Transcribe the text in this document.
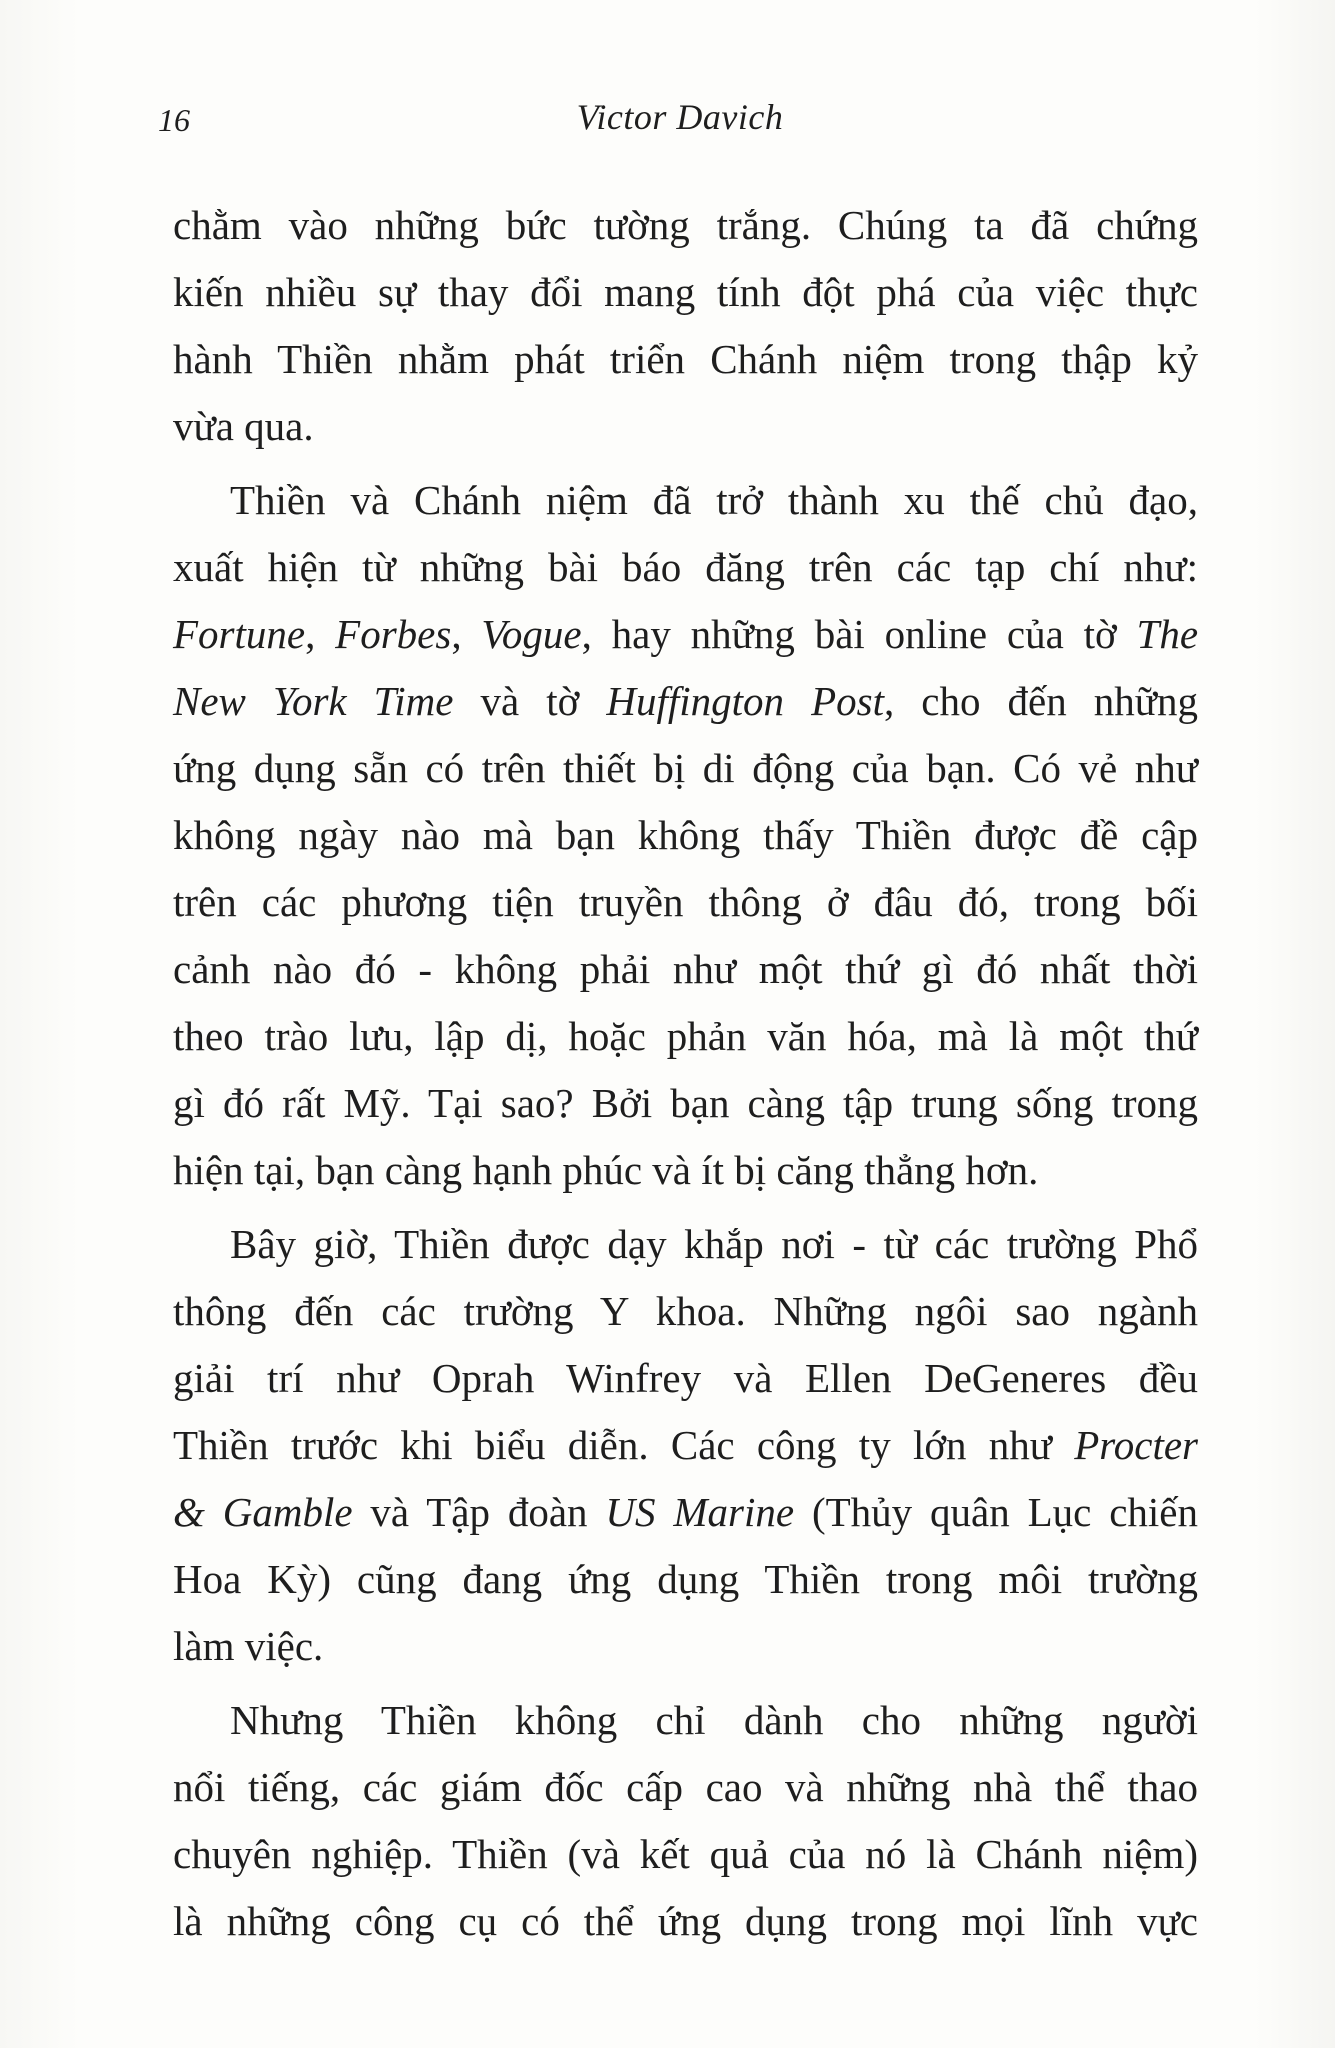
16	Victor Davich
chằm vào những bức tường trắng. Chúng ta đã chứng
kiến nhiều sự thay đổi mang tính đột phá của việc thực
hành Thiền nhằm phát triển Chánh niệm trong thập kỷ
vừa qua.
Thiền và Chánh niệm đã trở thành xu thế chủ đạo,
xuất hiện từ những bài báo đăng trên các tạp chí như:
Fortune, Forbes, Vogue, hay những bài online của tờ The
New York Time và tờ Huffington Post, cho đến những
ứng dụng sẵn có trên thiết bị di động của bạn. Có vẻ như
không ngày nào mà bạn không thấy Thiền được đề cập
trên các phương tiện truyền thông ở đâu đó, trong bối
cảnh nào đó - không phải như một thứ gì đó nhất thời
theo trào lưu, lập dị, hoặc phản văn hóa, mà là một thứ
gì đó rất Mỹ. Tại sao? Bởi bạn càng tập trung sống trong
hiện tại, bạn càng hạnh phúc và ít bị căng thẳng hơn.
Bây giờ, Thiền được dạy khắp nơi - từ các trường Phổ
thông đến các trường Y khoa. Những ngôi sao ngành
giải trí như Oprah Winfrey và Ellen DeGeneres đều
Thiền trước khi biểu diễn. Các công ty lớn như Procter
& Gamble và Tập đoàn US Marine (Thủy quân Lục chiến
Hoa Kỳ) cũng đang ứng dụng Thiền trong môi trường
làm việc.
Nhưng Thiền không chỉ dành cho những người
nổi tiếng, các giám đốc cấp cao và những nhà thể thao
chuyên nghiệp. Thiền (và kết quả của nó là Chánh niệm)
là những công cụ có thể ứng dụng trong mọi lĩnh vực
